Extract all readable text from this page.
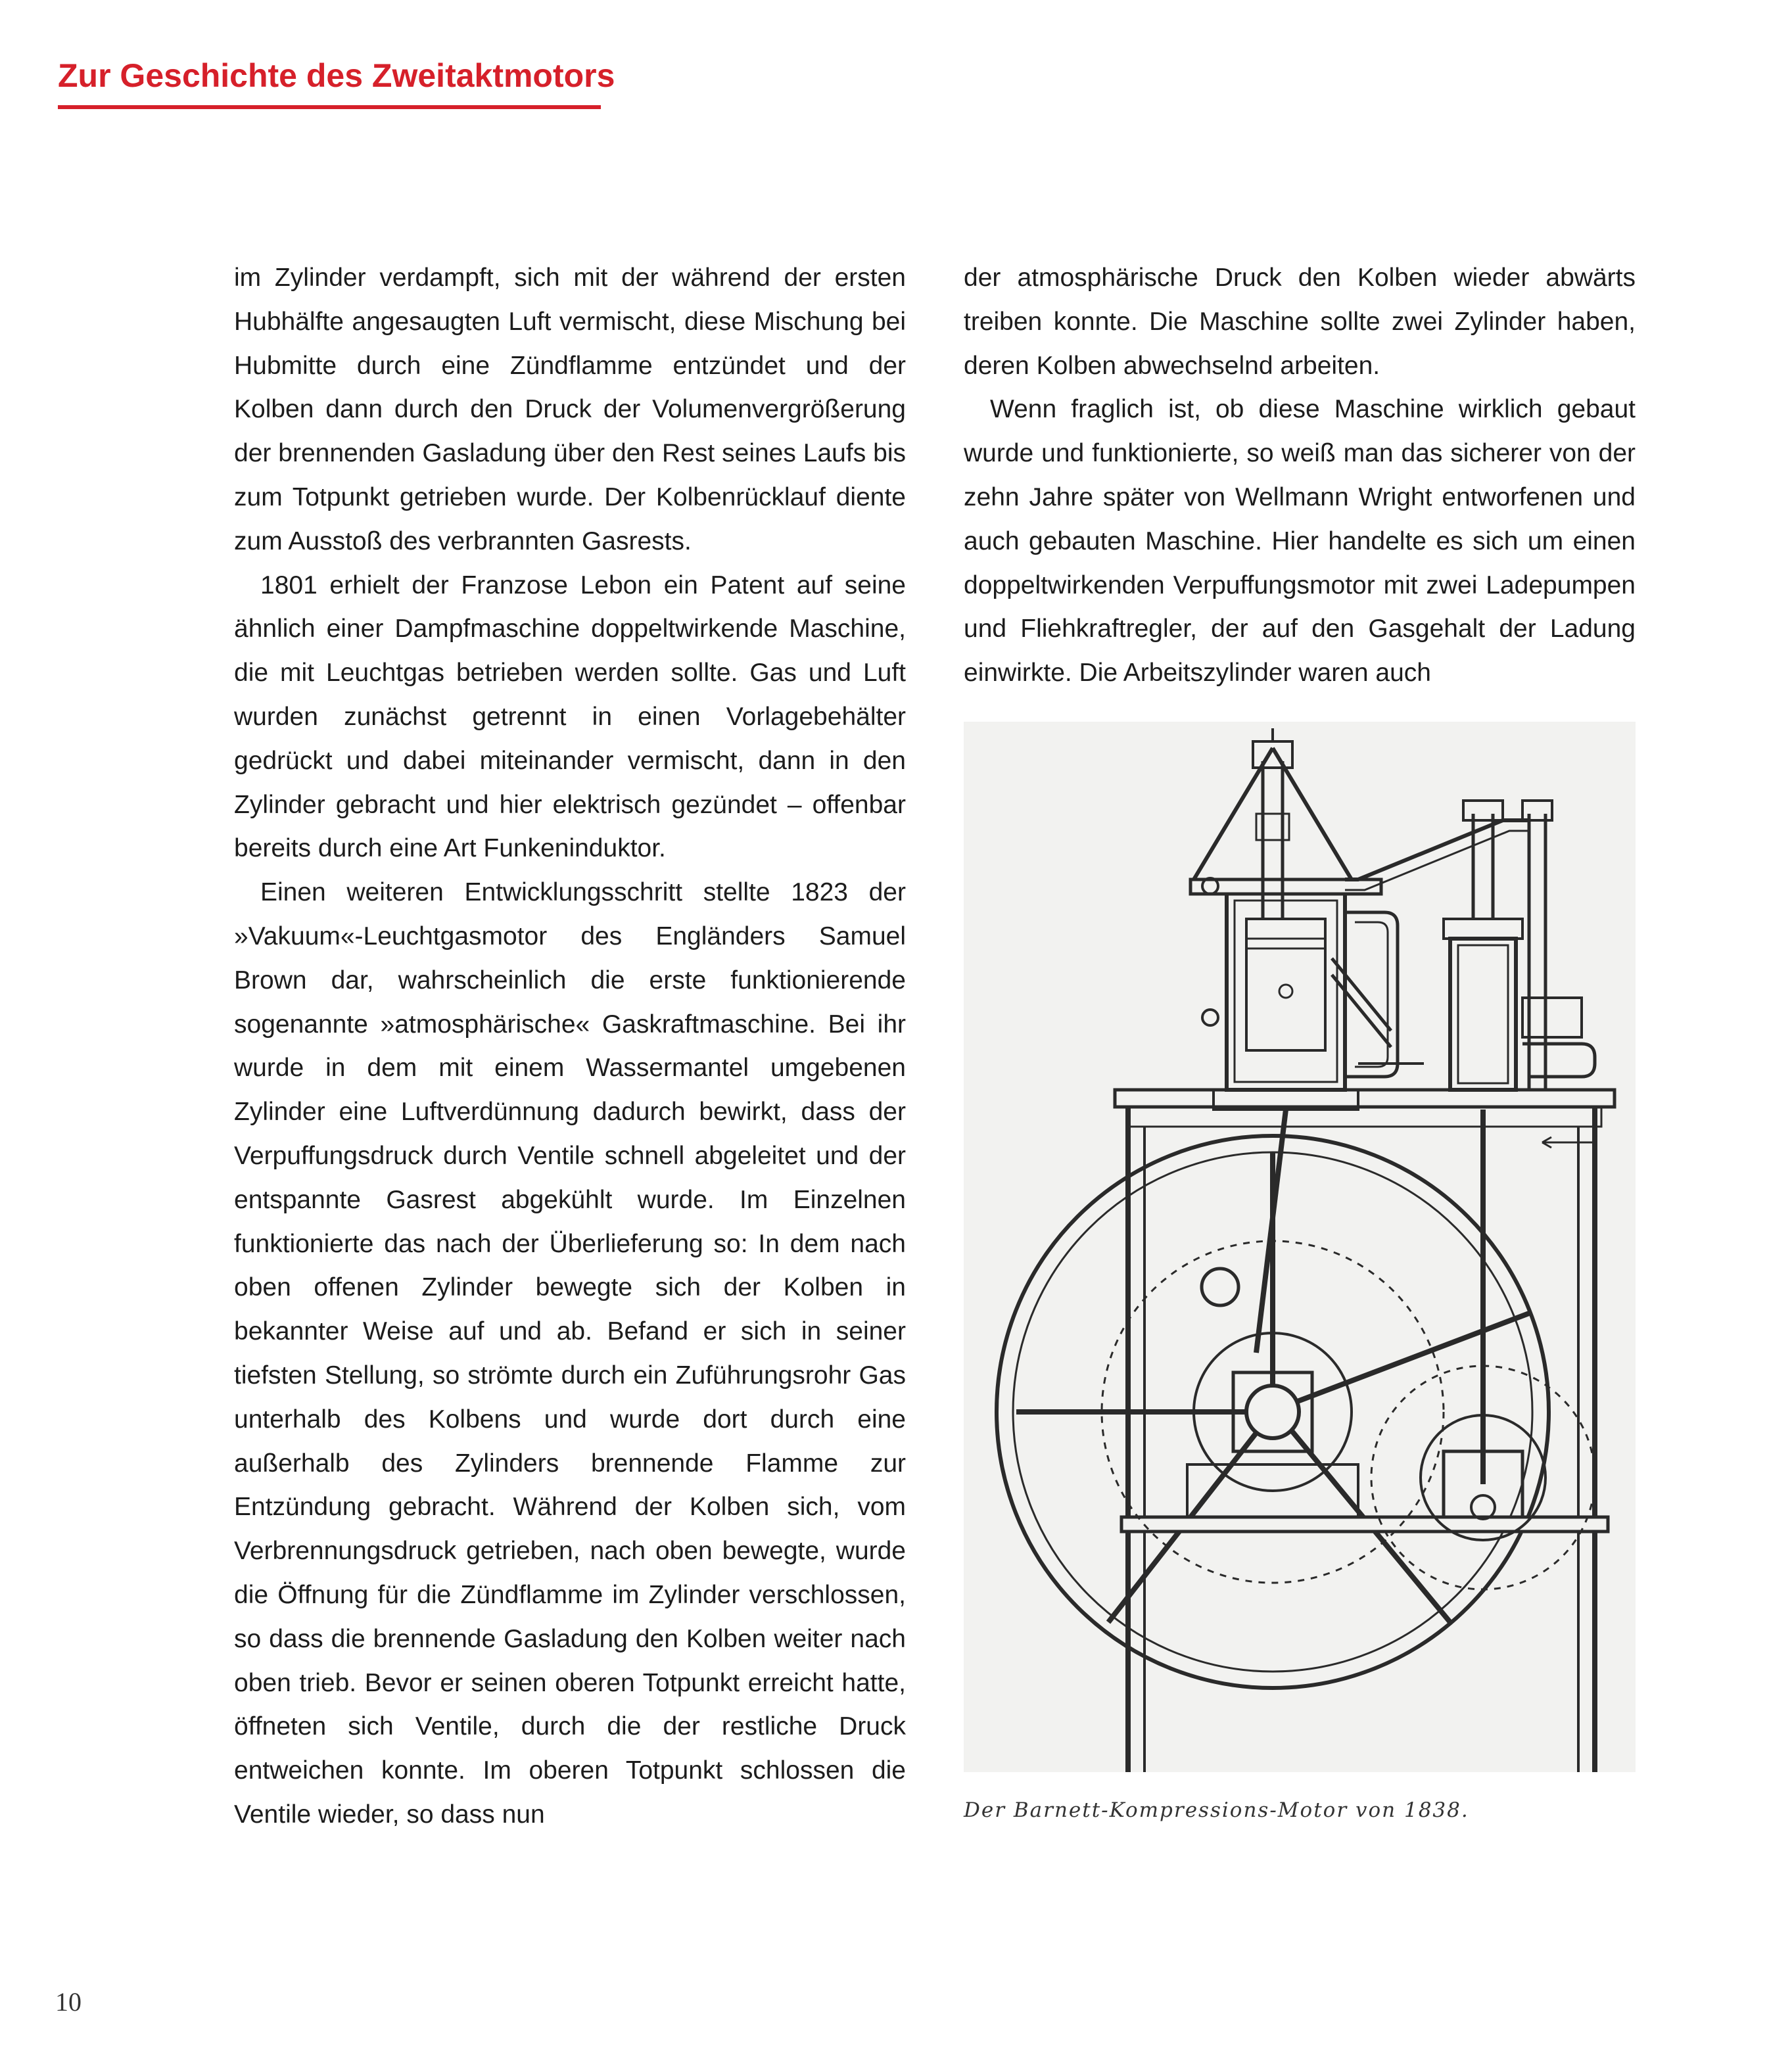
Zur Geschichte des Zweitaktmotors

im Zylinder verdampft, sich mit der während der ersten Hubhälfte angesaugten Luft vermischt, diese Mischung bei Hubmitte durch eine Zündflamme entzündet und der Kolben dann durch den Druck der Volumenvergrößerung der brennenden Gasladung über den Rest seines Laufs bis zum Totpunkt getrieben wurde. Der Kolbenrücklauf diente zum Ausstoß des verbrannten Gasrests.

1801 erhielt der Franzose Lebon ein Patent auf seine ähnlich einer Dampfmaschine doppeltwirkende Maschine, die mit Leuchtgas betrieben werden sollte. Gas und Luft wurden zunächst getrennt in einen Vorlagebehälter gedrückt und dabei miteinander vermischt, dann in den Zylinder gebracht und hier elektrisch gezündet – offenbar bereits durch eine Art Funkeninduktor.

Einen weiteren Entwicklungsschritt stellte 1823 der »Vakuum«-Leuchtgasmotor des Engländers Samuel Brown dar, wahrscheinlich die erste funktionierende sogenannte »atmosphärische« Gaskraftmaschine. Bei ihr wurde in dem mit einem Wassermantel umgebenen Zylinder eine Luftverdünnung dadurch bewirkt, dass der Verpuffungsdruck durch Ventile schnell abgeleitet und der entspannte Gasrest abgekühlt wurde. Im Einzelnen funktionierte das nach der Überlieferung so: In dem nach oben offenen Zylinder bewegte sich der Kolben in bekannter Weise auf und ab. Befand er sich in seiner tiefsten Stellung, so strömte durch ein Zuführungsrohr Gas unterhalb des Kolbens und wurde dort durch eine außerhalb des Zylinders brennende Flamme zur Entzündung gebracht. Während der Kolben sich, vom Verbrennungsdruck getrieben, nach oben bewegte, wurde die Öffnung für die Zündflamme im Zylinder verschlossen, so dass die brennende Gasladung den Kolben weiter nach oben trieb. Bevor er seinen oberen Totpunkt erreicht hatte, öffneten sich Ventile, durch die der restliche Druck entweichen konnte. Im oberen Totpunkt schlossen die Ventile wieder, so dass nun

der atmosphärische Druck den Kolben wieder abwärts treiben konnte. Die Maschine sollte zwei Zylinder haben, deren Kolben abwechselnd arbeiten.

Wenn fraglich ist, ob diese Maschine wirklich gebaut wurde und funktionierte, so weiß man das sicherer von der zehn Jahre später von Wellmann Wright entworfenen und auch gebauten Maschine. Hier handelte es sich um einen doppeltwirkenden Verpuffungsmotor mit zwei Ladepumpen und Fliehkraftregler, der auf den Gasgehalt der Ladung einwirkte. Die Arbeitszylinder waren auch

Der Barnett-Kompressions-Motor von 1838.
10
